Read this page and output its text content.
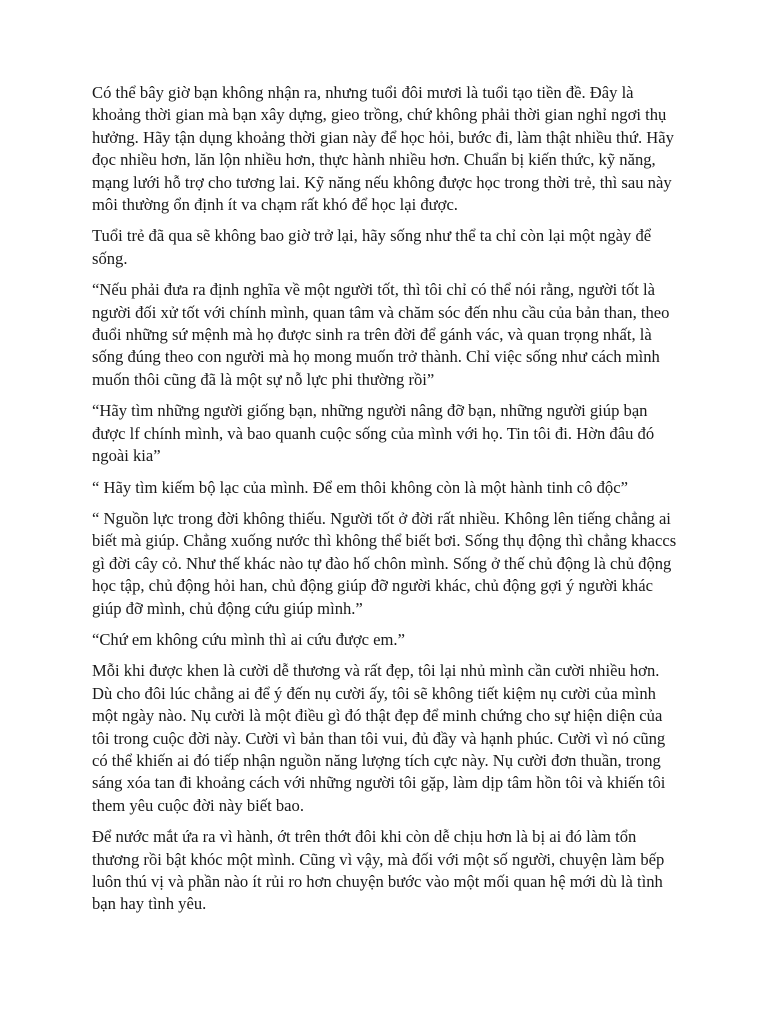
Có thể bây giờ bạn không nhận ra, nhưng tuổi đôi mươi là tuổi tạo tiền đề. Đây là khoảng thời gian mà bạn xây dựng, gieo trồng, chứ không phải thời gian nghỉ ngơi thụ hưởng. Hãy tận dụng khoảng thời gian này để học hỏi, bước đi, làm thật nhiều thứ. Hãy đọc nhiều hơn, lăn lộn nhiều hơn, thực hành nhiều hơn. Chuẩn bị kiến thức, kỹ năng, mạng lưới hỗ trợ cho tương lai. Kỹ năng nếu không được học trong thời trẻ, thì sau này môi thường ổn định ít va chạm rất khó để học lại được.

Tuổi trẻ đã qua sẽ không bao giờ trở lại, hãy sống như thể ta chỉ còn lại một ngày để sống.

“Nếu phải đưa ra định nghĩa về một người tốt, thì tôi chỉ có thể nói rằng, người tốt là người đối xử tốt với chính mình, quan tâm và chăm sóc đến nhu cầu của bản than, theo đuổi những sứ mệnh mà họ được sinh ra trên đời để gánh vác, và quan trọng nhất, là sống đúng theo con người mà họ mong muốn trở thành. Chỉ việc sống như cách mình muốn thôi cũng đã là một sự nỗ lực phi thường rồi”

“Hãy tìm những người giống bạn, những người nâng đỡ bạn, những người giúp bạn được lf chính mình, và bao quanh cuộc sống của mình với họ. Tin tôi đi. Hờn đâu đó ngoài kia”

“ Hãy tìm kiếm bộ lạc của mình. Để em thôi không còn là một hành tinh cô độc”

“ Nguồn lực trong đời không thiếu. Người tốt ở đời rất nhiều. Không lên tiếng chẳng ai biết mà giúp. Chẳng xuống nước thì không thể biết bơi. Sống thụ động thì chẳng khaccs gì đời cây cỏ. Như thế khác nào tự đào hố chôn mình. Sống ở thế chủ động là chủ động học tập, chủ động hỏi han, chủ động giúp đỡ người khác, chủ động gợi ý người khác giúp đỡ mình, chủ động cứu giúp mình.”

“Chứ em không cứu mình thì ai cứu được em.”

Mỗi khi được khen là cười dễ thương và rất đẹp, tôi lại nhủ mình cần cười nhiều hơn. Dù cho đôi lúc chẳng ai để ý đến nụ cười ấy, tôi sẽ không tiết kiệm nụ cười của mình một ngày nào. Nụ cười là một điều gì đó thật đẹp để minh chứng cho sự hiện diện của tôi trong cuộc đời này. Cười vì bản than tôi vui, đủ đầy và hạnh phúc. Cười vì nó cũng có thể khiến ai đó tiếp nhận nguồn năng lượng tích cực này. Nụ cười đơn thuần, trong sáng xóa tan đi khoảng cách với những người tôi gặp, làm dịp tâm hồn tôi và khiến tôi them yêu cuộc đời này biết bao.

Để nước mắt ứa ra vì hành, ớt trên thớt đôi khi còn dễ chịu hơn là bị ai đó làm tổn thương rồi bật khóc một mình. Cũng vì vậy, mà đối với một số người, chuyện làm bếp luôn thú vị và phần nào ít rủi ro hơn chuyện bước vào một mối quan hệ mới dù là tình bạn hay tình yêu.
